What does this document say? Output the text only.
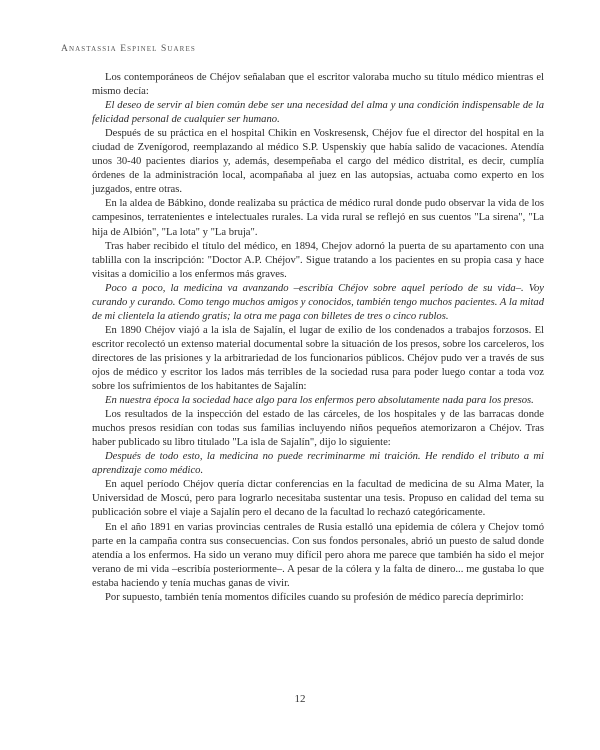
Anastassia Espinel Suares

Los contemporáneos de Chéjov señalaban que el escritor valoraba mucho su título médico mientras el mismo decía:

El deseo de servir al bien común debe ser una necesidad del alma y una condición indispensable de la felicidad personal de cualquier ser humano.

Después de su práctica en el hospital Chikin en Voskresensk, Chéjov fue el director del hospital en la ciudad de Zvenígorod, reemplazando al médico S.P. Uspenskiy que había salido de vacaciones. Atendía unos 30-40 pacientes diarios y, además, desempeñaba el cargo del médico distrital, es decir, cumplía órdenes de la administración local, acompañaba al juez en las autopsias, actuaba como experto en los juzgados, entre otras.

En la aldea de Bábkino, donde realizaba su práctica de médico rural donde pudo observar la vida de los campesinos, terratenientes e intelectuales rurales. La vida rural se reflejó en sus cuentos "La sirena", "La hija de Albión", "La lota" y "La bruja".

Tras haber recibido el título del médico, en 1894, Chejov adornó la puerta de su apartamento con una tablilla con la inscripción: "Doctor A.P. Chéjov". Sigue tratando a los pacientes en su propia casa y hace visitas a domicilio a los enfermos más graves.

Poco a poco, la medicina va avanzando –escribía Chéjov sobre aquel período de su vida–. Voy curando y curando. Como tengo muchos amigos y conocidos, también tengo muchos pacientes. A la mitad de mi clientela la atiendo gratis; la otra me paga con billetes de tres o cinco rublos.

En 1890 Chéjov viajó a la isla de Sajalín, el lugar de exilio de los condenados a trabajos forzosos. El escritor recolectó un extenso material documental sobre la situación de los presos, sobre los carceleros, los directores de las prisiones y la arbitrariedad de los funcionarios públicos. Chéjov pudo ver a través de sus ojos de médico y escritor los lados más terribles de la sociedad rusa para poder luego contar a toda voz sobre los sufrimientos de los habitantes de Sajalín:

En nuestra época la sociedad hace algo para los enfermos pero absolutamente nada para los presos.

Los resultados de la inspección del estado de las cárceles, de los hospitales y de las barracas donde muchos presos residían con todas sus familias incluyendo niños pequeños atemorizaron a Chéjov. Tras haber publicado su libro titulado "La isla de Sajalín", dijo lo siguiente:

Después de todo esto, la medicina no puede recriminarme mi traición. He rendido el tributo a mi aprendizaje como médico.

En aquel período Chéjov quería dictar conferencias en la facultad de medicina de su Alma Mater, la Universidad de Moscú, pero para lograrlo necesitaba sustentar una tesis. Propuso en calidad del tema su publicación sobre el viaje a Sajalín pero el decano de la facultad lo rechazó categóricamente.

En el año 1891 en varias provincias centrales de Rusia estalló una epidemia de cólera y Chejov tomó parte en la campaña contra sus consecuencias. Con sus fondos personales, abrió un puesto de salud donde atendía a los enfermos. Ha sido un verano muy difícil pero ahora me parece que también ha sido el mejor verano de mi vida –escribía posteriormente–. A pesar de la cólera y la falta de dinero... me gustaba lo que estaba haciendo y tenía muchas ganas de vivir.

Por supuesto, también tenía momentos difíciles cuando su profesión de médico parecía deprimirlo:

12
